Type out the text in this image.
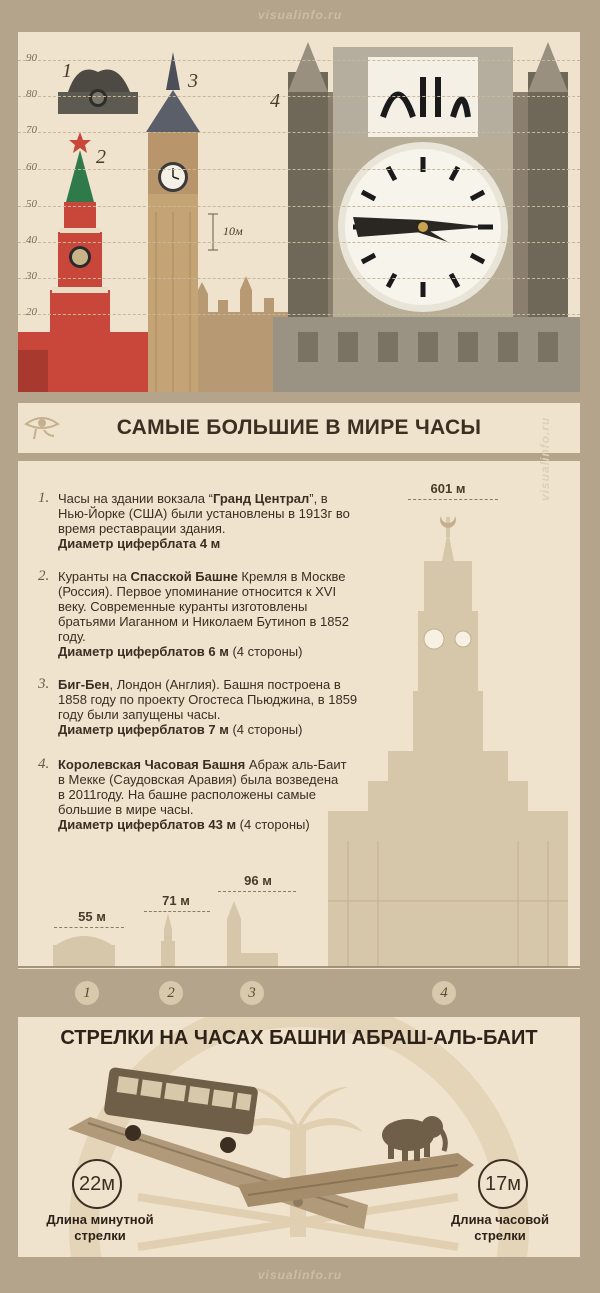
visualinfo.ru
90
80
70
60
50
40
30
20
1
2
3
4
10м
САМЫЕ БОЛЬШИЕ В МИРЕ ЧАСЫ
1. Часы на здании вокзала “Гранд Централ”, в Нью-Йорке (США) были установлены в 1913г во время реставрации здания.
Диаметр циферблата 4 м
2. Куранты на Спасской Башне Кремля в Москве (Россия). Первое упоминание относится к XVI веку. Современные куранты изготовлены братьями Иаганном и Николаем Бутиноп в 1852 году.
Диаметр циферблатов 6 м (4 стороны)
3. Биг-Бен, Лондон (Англия). Башня построена в 1858 году по проекту Огостеса Пьюджина, в 1859 году были запущены часы.
Диаметр циферблатов 7 м (4 стороны)
4. Королевская Часовая Башня Абраж аль-Баит в Мекке (Саудовская Аравия) была возведена в 2011году. На башне расположены самые большие в мире часы.
Диаметр циферблатов 43 м (4 стороны)
55 м
71 м
96 м
601 м	visualinfo.ru
1	2	3	4
СТРЕЛКИ НА ЧАСАХ БАШНИ АБРАШ-АЛЬ-БАИТ
22м
Длина минутной
стрелки
17м
Длина часовой
стрелки
visualinfo.ru
